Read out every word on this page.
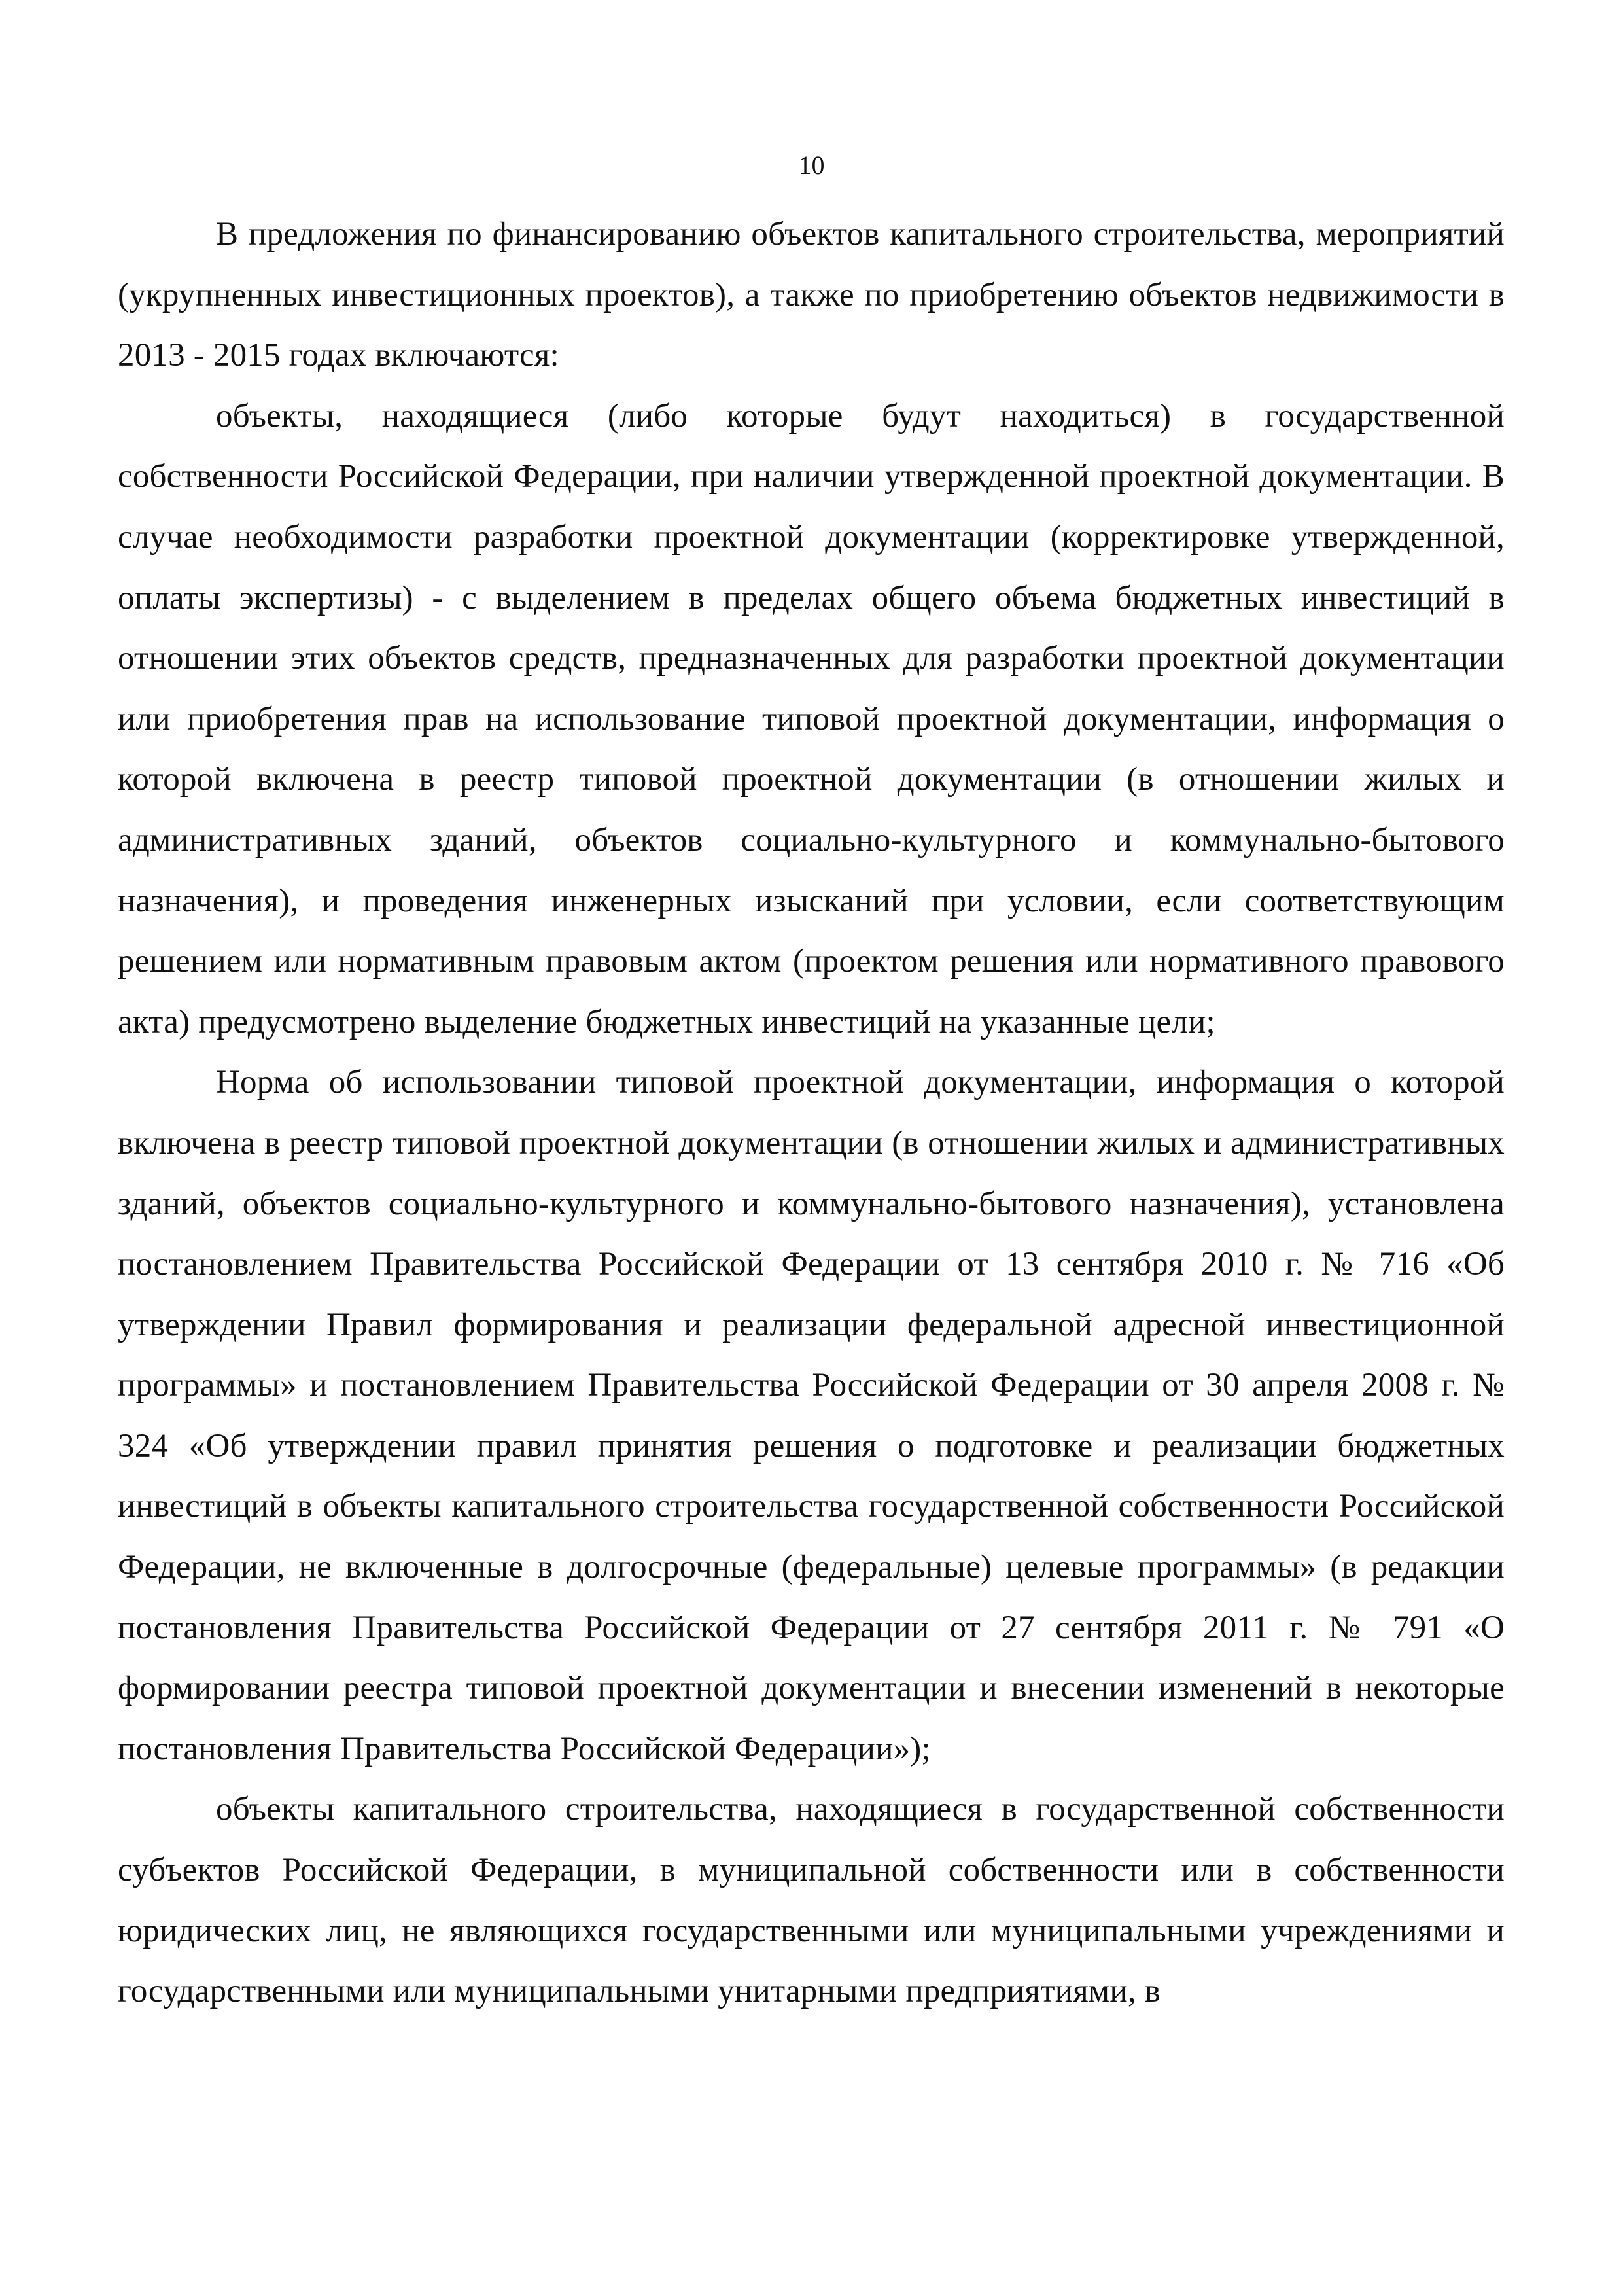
10

В предложения по финансированию объектов капитального строительства, мероприятий (укрупненных инвестиционных проектов), а также по приобретению объектов недвижимости в 2013 - 2015 годах включаются:

объекты, находящиеся (либо которые будут находиться) в государственной собственности Российской Федерации, при наличии утвержденной проектной документации. В случае необходимости разработки проектной документации (корректировке утвержденной, оплаты экспертизы) - с выделением в пределах общего объема бюджетных инвестиций в отношении этих объектов средств, предназначенных для разработки проектной документации или приобретения прав на использование типовой проектной документации, информация о которой включена в реестр типовой проектной документации (в отношении жилых и административных зданий, объектов социально-культурного и коммунально-бытового назначения), и проведения инженерных изысканий при условии, если соответствующим решением или нормативным правовым актом (проектом решения или нормативного правового акта) предусмотрено выделение бюджетных инвестиций на указанные цели;

Норма об использовании типовой проектной документации, информация о которой включена в реестр типовой проектной документации (в отношении жилых и административных зданий, объектов социально-культурного и коммунально-бытового назначения), установлена постановлением Правительства Российской Федерации от 13 сентября 2010 г. № 716 «Об утверждении Правил формирования и реализации федеральной адресной инвестиционной программы» и постановлением Правительства Российской Федерации от 30 апреля 2008 г. № 324 «Об утверждении правил принятия решения о подготовке и реализации бюджетных инвестиций в объекты капитального строительства государственной собственности Российской Федерации, не включенные в долгосрочные (федеральные) целевые программы» (в редакции постановления Правительства Российской Федерации от 27 сентября 2011 г. № 791 «О формировании реестра типовой проектной документации и внесении изменений в некоторые постановления Правительства Российской Федерации»);

объекты капитального строительства, находящиеся в государственной собственности субъектов Российской Федерации, в муниципальной собственности или в собственности юридических лиц, не являющихся государственными или муниципальными учреждениями и государственными или муниципальными унитарными предприятиями, в
